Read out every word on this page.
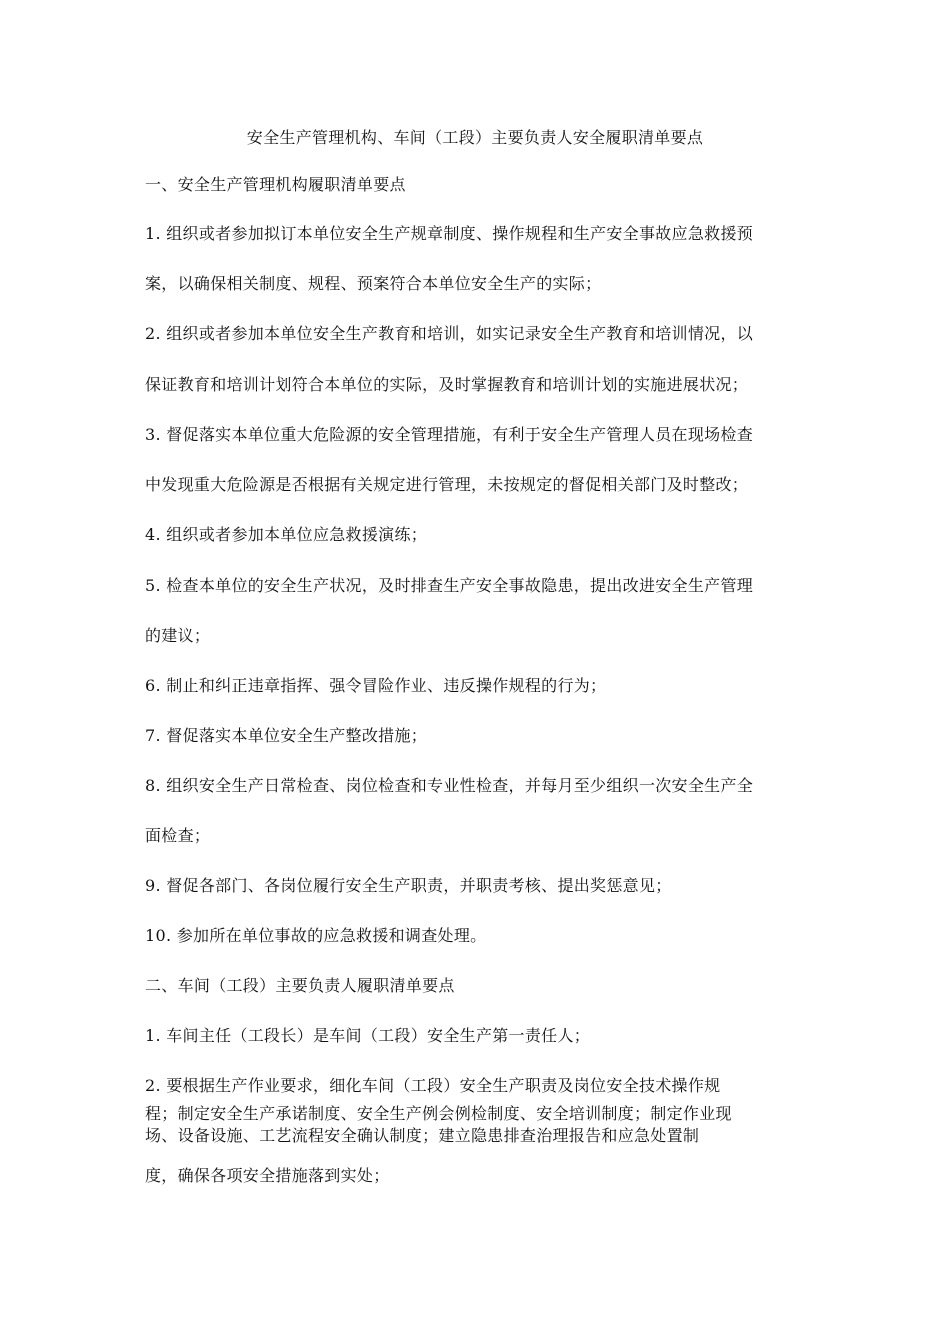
安全生产管理机构、车间（工段）主要负责人安全履职清单要点
一、安全生产管理机构履职清单要点
1. 组织或者参加拟订本单位安全生产规章制度、操作规程和生产安全事故应急救援预
案，以确保相关制度、规程、预案符合本单位安全生产的实际；
2. 组织或者参加本单位安全生产教育和培训，如实记录安全生产教育和培训情况，以
保证教育和培训计划符合本单位的实际，及时掌握教育和培训计划的实施进展状况；
3. 督促落实本单位重大危险源的安全管理措施，有利于安全生产管理人员在现场检查
中发现重大危险源是否根据有关规定进行管理，未按规定的督促相关部门及时整改；
4. 组织或者参加本单位应急救援演练；
5. 检查本单位的安全生产状况，及时排查生产安全事故隐患，提出改进安全生产管理
的建议；
6. 制止和纠正违章指挥、强令冒险作业、违反操作规程的行为；
7. 督促落实本单位安全生产整改措施；
8. 组织安全生产日常检查、岗位检查和专业性检查，并每月至少组织一次安全生产全
面检查；
9. 督促各部门、各岗位履行安全生产职责，并职责考核、提出奖惩意见；
10. 参加所在单位事故的应急救援和调查处理。
二、车间（工段）主要负责人履职清单要点
1. 车间主任（工段长）是车间（工段）安全生产第一责任人；
2. 要根据生产作业要求，细化车间（工段）安全生产职责及岗位安全技术操作规
程；制定安全生产承诺制度、安全生产例会例检制度、安全培训制度；制定作业现
场、设备设施、工艺流程安全确认制度；建立隐患排查治理报告和应急处置制
度，确保各项安全措施落到实处；
